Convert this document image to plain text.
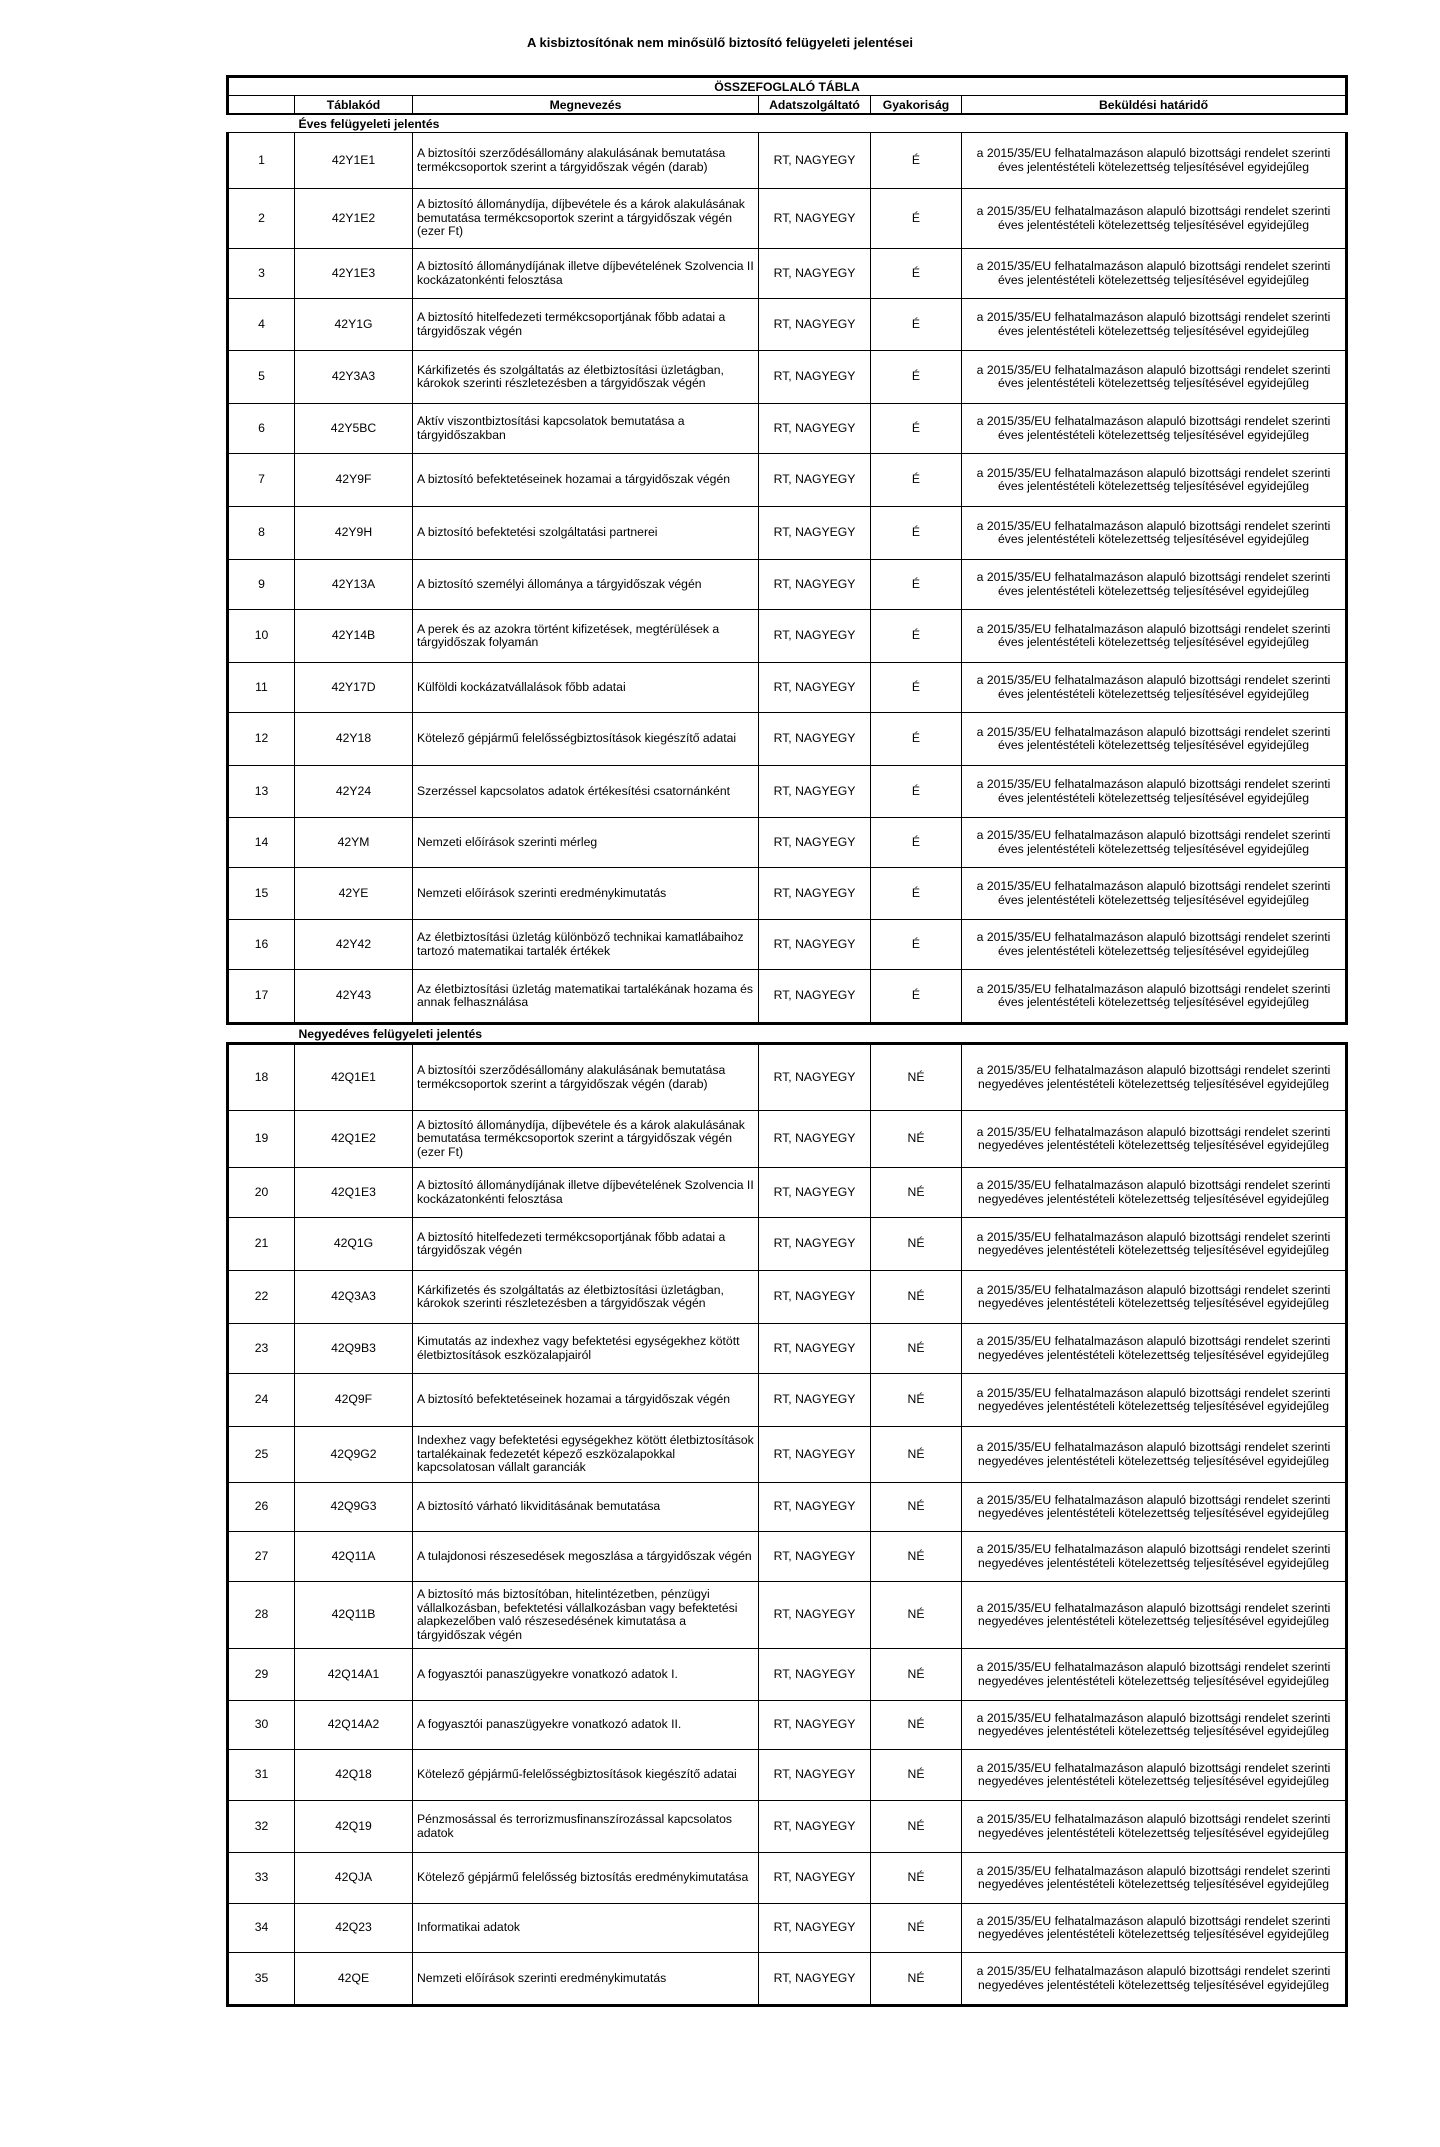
A kisbiztosítónak nem minősülő biztosító felügyeleti jelentései
ÖSSZEFOGLALÓ TÁBLA					
	Táblakód	Megnevezés	Adatszolgáltató	Gyakoriság	Beküldési határidő
	Éves felügyeleti jelentés				
1	42Y1E1	A biztosítói szerződésállomány alakulásának bemutatása termékcsoportok szerint a tárgyidőszak végén (darab)	RT, NAGYEGY	É	a 2015/35/EU felhatalmazáson alapuló bizottsági rendelet szerinti éves jelentéstételi kötelezettség teljesítésével egyidejűleg
2	42Y1E2	A biztosító állománydíja, díjbevétele és a károk alakulásának bemutatása termékcsoportok szerint a tárgyidőszak végén (ezer Ft)	RT, NAGYEGY	É	a 2015/35/EU felhatalmazáson alapuló bizottsági rendelet szerinti éves jelentéstételi kötelezettség teljesítésével egyidejűleg
3	42Y1E3	A biztosító állománydíjának illetve díjbevételének Szolvencia II kockázatonkénti felosztása	RT, NAGYEGY	É	a 2015/35/EU felhatalmazáson alapuló bizottsági rendelet szerinti éves jelentéstételi kötelezettség teljesítésével egyidejűleg
4	42Y1G	A biztosító hitelfedezeti termékcsoportjának főbb adatai a tárgyidőszak végén	RT, NAGYEGY	É	a 2015/35/EU felhatalmazáson alapuló bizottsági rendelet szerinti éves jelentéstételi kötelezettség teljesítésével egyidejűleg
5	42Y3A3	Kárkifizetés és szolgáltatás az életbiztosítási üzletágban, károkok szerinti részletezésben a tárgyidőszak végén	RT, NAGYEGY	É	a 2015/35/EU felhatalmazáson alapuló bizottsági rendelet szerinti éves jelentéstételi kötelezettség teljesítésével egyidejűleg
6	42Y5BC	Aktív viszontbiztosítási kapcsolatok bemutatása a tárgyidőszakban	RT, NAGYEGY	É	a 2015/35/EU felhatalmazáson alapuló bizottsági rendelet szerinti éves jelentéstételi kötelezettség teljesítésével egyidejűleg
7	42Y9F	A biztosító befektetéseinek hozamai a tárgyidőszak végén	RT, NAGYEGY	É	a 2015/35/EU felhatalmazáson alapuló bizottsági rendelet szerinti éves jelentéstételi kötelezettség teljesítésével egyidejűleg
8	42Y9H	A biztosító befektetési szolgáltatási partnerei	RT, NAGYEGY	É	a 2015/35/EU felhatalmazáson alapuló bizottsági rendelet szerinti éves jelentéstételi kötelezettség teljesítésével egyidejűleg
9	42Y13A	A biztosító személyi állománya a tárgyidőszak végén	RT, NAGYEGY	É	a 2015/35/EU felhatalmazáson alapuló bizottsági rendelet szerinti éves jelentéstételi kötelezettség teljesítésével egyidejűleg
10	42Y14B	A perek és az azokra történt kifizetések, megtérülések a tárgyidőszak folyamán	RT, NAGYEGY	É	a 2015/35/EU felhatalmazáson alapuló bizottsági rendelet szerinti éves jelentéstételi kötelezettség teljesítésével egyidejűleg
11	42Y17D	Külföldi kockázatvállalások főbb adatai	RT, NAGYEGY	É	a 2015/35/EU felhatalmazáson alapuló bizottsági rendelet szerinti éves jelentéstételi kötelezettség teljesítésével egyidejűleg
12	42Y18	Kötelező gépjármű felelősségbiztosítások kiegészítő adatai	RT, NAGYEGY	É	a 2015/35/EU felhatalmazáson alapuló bizottsági rendelet szerinti éves jelentéstételi kötelezettség teljesítésével egyidejűleg
13	42Y24	Szerzéssel kapcsolatos adatok értékesítési csatornánként	RT, NAGYEGY	É	a 2015/35/EU felhatalmazáson alapuló bizottsági rendelet szerinti éves jelentéstételi kötelezettség teljesítésével egyidejűleg
14	42YM	Nemzeti előírások szerinti mérleg	RT, NAGYEGY	É	a 2015/35/EU felhatalmazáson alapuló bizottsági rendelet szerinti éves jelentéstételi kötelezettség teljesítésével egyidejűleg
15	42YE	Nemzeti előírások szerinti eredménykimutatás	RT, NAGYEGY	É	a 2015/35/EU felhatalmazáson alapuló bizottsági rendelet szerinti éves jelentéstételi kötelezettség teljesítésével egyidejűleg
16	42Y42	Az életbiztosítási üzletág különböző technikai kamatlábaihoz tartozó matematikai tartalék értékek	RT, NAGYEGY	É	a 2015/35/EU felhatalmazáson alapuló bizottsági rendelet szerinti éves jelentéstételi kötelezettség teljesítésével egyidejűleg
17	42Y43	Az életbiztosítási üzletág matematikai tartalékának hozama és annak felhasználása	RT, NAGYEGY	É	a 2015/35/EU felhatalmazáson alapuló bizottsági rendelet szerinti éves jelentéstételi kötelezettség teljesítésével egyidejűleg
	Negyedéves felügyeleti jelentés				
18	42Q1E1	A biztosítói szerződésállomány alakulásának bemutatása termékcsoportok szerint a tárgyidőszak végén (darab)	RT, NAGYEGY	NÉ	a 2015/35/EU felhatalmazáson alapuló bizottsági rendelet szerinti negyedéves jelentéstételi kötelezettség teljesítésével egyidejűleg
19	42Q1E2	A biztosító állománydíja, díjbevétele és a károk alakulásának bemutatása termékcsoportok szerint a tárgyidőszak végén (ezer Ft)	RT, NAGYEGY	NÉ	a 2015/35/EU felhatalmazáson alapuló bizottsági rendelet szerinti negyedéves jelentéstételi kötelezettség teljesítésével egyidejűleg
20	42Q1E3	A biztosító állománydíjának illetve díjbevételének Szolvencia II kockázatonkénti felosztása	RT, NAGYEGY	NÉ	a 2015/35/EU felhatalmazáson alapuló bizottsági rendelet szerinti negyedéves jelentéstételi kötelezettség teljesítésével egyidejűleg
21	42Q1G	A biztosító hitelfedezeti termékcsoportjának főbb adatai a tárgyidőszak végén	RT, NAGYEGY	NÉ	a 2015/35/EU felhatalmazáson alapuló bizottsági rendelet szerinti negyedéves jelentéstételi kötelezettség teljesítésével egyidejűleg
22	42Q3A3	Kárkifizetés és szolgáltatás az életbiztosítási üzletágban, károkok szerinti részletezésben a tárgyidőszak végén	RT, NAGYEGY	NÉ	a 2015/35/EU felhatalmazáson alapuló bizottsági rendelet szerinti negyedéves jelentéstételi kötelezettség teljesítésével egyidejűleg
23	42Q9B3	Kimutatás az indexhez vagy befektetési egységekhez kötött életbiztosítások eszközalapjairól	RT, NAGYEGY	NÉ	a 2015/35/EU felhatalmazáson alapuló bizottsági rendelet szerinti negyedéves jelentéstételi kötelezettség teljesítésével egyidejűleg
24	42Q9F	A biztosító befektetéseinek hozamai a tárgyidőszak végén	RT, NAGYEGY	NÉ	a 2015/35/EU felhatalmazáson alapuló bizottsági rendelet szerinti negyedéves jelentéstételi kötelezettség teljesítésével egyidejűleg
25	42Q9G2	Indexhez vagy befektetési egységekhez kötött életbiztosítások tartalékainak fedezetét képező eszközalapokkal kapcsolatosan vállalt garanciák	RT, NAGYEGY	NÉ	a 2015/35/EU felhatalmazáson alapuló bizottsági rendelet szerinti negyedéves jelentéstételi kötelezettség teljesítésével egyidejűleg
26	42Q9G3	A biztosító várható likviditásának bemutatása	RT, NAGYEGY	NÉ	a 2015/35/EU felhatalmazáson alapuló bizottsági rendelet szerinti negyedéves jelentéstételi kötelezettség teljesítésével egyidejűleg
27	42Q11A	A tulajdonosi részesedések megoszlása a tárgyidőszak végén	RT, NAGYEGY	NÉ	a 2015/35/EU felhatalmazáson alapuló bizottsági rendelet szerinti negyedéves jelentéstételi kötelezettség teljesítésével egyidejűleg
28	42Q11B	A biztosító más biztosítóban, hitelintézetben, pénzügyi vállalkozásban, befektetési vállalkozásban vagy befektetési alapkezelőben való részesedésének kimutatása a tárgyidőszak végén	RT, NAGYEGY	NÉ	a 2015/35/EU felhatalmazáson alapuló bizottsági rendelet szerinti negyedéves jelentéstételi kötelezettség teljesítésével egyidejűleg
29	42Q14A1	A fogyasztói panaszügyekre vonatkozó adatok I.	RT, NAGYEGY	NÉ	a 2015/35/EU felhatalmazáson alapuló bizottsági rendelet szerinti negyedéves jelentéstételi kötelezettség teljesítésével egyidejűleg
30	42Q14A2	A fogyasztói panaszügyekre vonatkozó adatok II.	RT, NAGYEGY	NÉ	a 2015/35/EU felhatalmazáson alapuló bizottsági rendelet szerinti negyedéves jelentéstételi kötelezettség teljesítésével egyidejűleg
31	42Q18	Kötelező gépjármű-felelősségbiztosítások kiegészítő adatai	RT, NAGYEGY	NÉ	a 2015/35/EU felhatalmazáson alapuló bizottsági rendelet szerinti negyedéves jelentéstételi kötelezettség teljesítésével egyidejűleg
32	42Q19	Pénzmosással és terrorizmusfinanszírozással kapcsolatos adatok	RT, NAGYEGY	NÉ	a 2015/35/EU felhatalmazáson alapuló bizottsági rendelet szerinti negyedéves jelentéstételi kötelezettség teljesítésével egyidejűleg
33	42QJA	Kötelező gépjármű felelősség biztosítás eredménykimutatása	RT, NAGYEGY	NÉ	a 2015/35/EU felhatalmazáson alapuló bizottsági rendelet szerinti negyedéves jelentéstételi kötelezettség teljesítésével egyidejűleg
34	42Q23	Informatikai adatok	RT, NAGYEGY	NÉ	a 2015/35/EU felhatalmazáson alapuló bizottsági rendelet szerinti negyedéves jelentéstételi kötelezettség teljesítésével egyidejűleg
35	42QE	Nemzeti előírások szerinti eredménykimutatás	RT, NAGYEGY	NÉ	a 2015/35/EU felhatalmazáson alapuló bizottsági rendelet szerinti negyedéves jelentéstételi kötelezettség teljesítésével egyidejűleg
